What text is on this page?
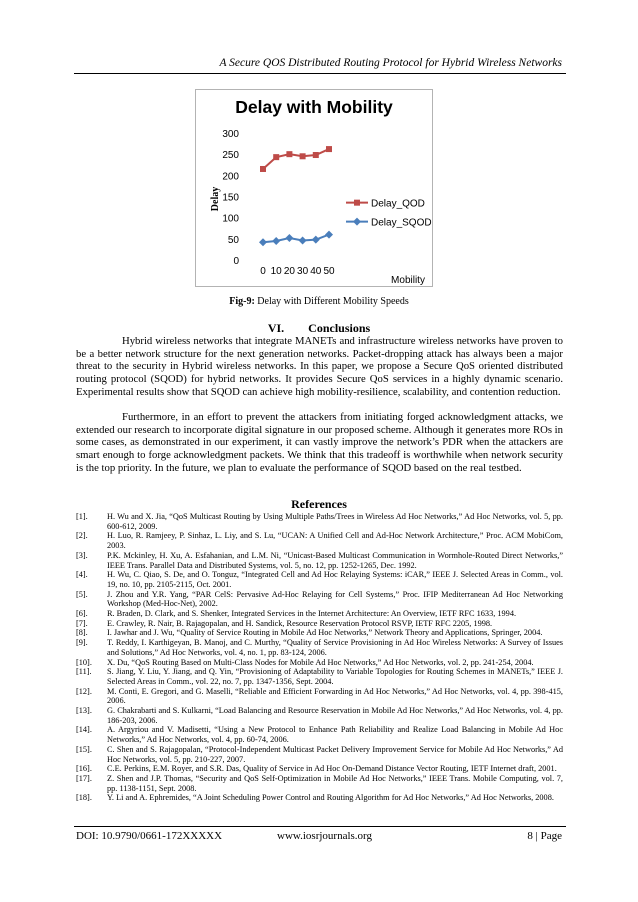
A Secure QOS Distributed Routing Protocol for Hybrid Wireless Networks
Delay with Mobility
Delay
Mobility
0
50
100
150
200
250
300
0 10 20 30 40 50
Delay_QOD
Delay_SQOD
Fig-9: Delay with Different Mobility Speeds
VI.        Conclusions
Hybrid wireless networks that integrate MANETs and infrastructure wireless networks have proven to be a better network structure for the next generation networks. Packet-dropping attack has always been a major threat to the security in Hybrid wireless networks. In this paper, we propose a Secure QoS oriented distributed routing protocol (SQOD) for hybrid networks. It provides Secure QoS services in a highly dynamic scenario. Experimental results show that SQOD can achieve high mobility-resilience, scalability, and contention reduction.
Furthermore, in an effort to prevent the attackers from initiating forged acknowledgment attacks, we extended our research to incorporate digital signature in our proposed scheme. Although it generates more ROs in some cases, as demonstrated in our experiment, it can vastly improve the network’s PDR when the attackers are smart enough to forge acknowledgment packets. We think that this tradeoff is worthwhile when network security is the top priority. In the future, we plan to evaluate the performance of SQOD based on the real testbed.
References
[1].	H. Wu and X. Jia, “QoS Multicast Routing by Using Multiple Paths/Trees in Wireless Ad Hoc Networks,” Ad Hoc Networks, vol. 5, pp. 600-612, 2009.
[2].	H. Luo, R. Ramjeey, P. Sinhaz, L. Liy, and S. Lu, “UCAN: A Unified Cell and Ad-Hoc Network Architecture,” Proc. ACM MobiCom, 2003.
[3].	P.K. Mckinley, H. Xu, A. Esfahanian, and L.M. Ni, “Unicast-Based Multicast Communication in Wormhole-Routed Direct Networks,” IEEE Trans. Parallel Data and Distributed Systems, vol. 5, no. 12, pp. 1252-1265, Dec. 1992.
[4].	H. Wu, C. Qiao, S. De, and O. Tonguz, “Integrated Cell and Ad Hoc Relaying Systems: iCAR,” IEEE J. Selected Areas in Comm., vol. 19, no. 10, pp. 2105-2115, Oct. 2001.
[5].	J. Zhou and Y.R. Yang, “PAR CelS: Pervasive Ad-Hoc Relaying for Cell Systems,” Proc. IFIP Mediterranean Ad Hoc Networking Workshop (Med-Hoc-Net), 2002.
[6].	R. Braden, D. Clark, and S. Shenker, Integrated Services in the Internet Architecture: An Overview, IETF RFC 1633, 1994.
[7].	E. Crawley, R. Nair, B. Rajagopalan, and H. Sandick, Resource Reservation Protocol RSVP, IETF RFC 2205, 1998.
[8].	I. Jawhar and J. Wu, “Quality of Service Routing in Mobile Ad Hoc Networks,” Network Theory and Applications, Springer, 2004.
[9].	T. Reddy, I. Karthigeyan, B. Manoj, and C. Murthy, “Quality of Service Provisioning in Ad Hoc Wireless Networks: A Survey of Issues and Solutions,” Ad Hoc Networks, vol. 4, no. 1, pp. 83-124, 2006.
[10].	X. Du, “QoS Routing Based on Multi-Class Nodes for Mobile Ad Hoc Networks,” Ad Hoc Networks, vol. 2, pp. 241-254, 2004.
[11].	S. Jiang, Y. Liu, Y. Jiang, and Q. Yin, “Provisioning of Adaptability to Variable Topologies for Routing Schemes in MANETs,” IEEE J. Selected Areas in Comm., vol. 22, no. 7, pp. 1347-1356, Sept. 2004.
[12].	M. Conti, E. Gregori, and G. Maselli, “Reliable and Efficient Forwarding in Ad Hoc Networks,” Ad Hoc Networks, vol. 4, pp. 398-415, 2006.
[13].	G. Chakrabarti and S. Kulkarni, “Load Balancing and Resource Reservation in Mobile Ad Hoc Networks,” Ad Hoc Networks, vol. 4, pp. 186-203, 2006.
[14].	A. Argyriou and V. Madisetti, “Using a New Protocol to Enhance Path Reliability and Realize Load Balancing in Mobile Ad Hoc Networks,” Ad Hoc Networks, vol. 4, pp. 60-74, 2006.
[15].	C. Shen and S. Rajagopalan, “Protocol-Independent Multicast Packet Delivery Improvement Service for Mobile Ad Hoc Networks,” Ad Hoc Networks, vol. 5, pp. 210-227, 2007.
[16].	C.E. Perkins, E.M. Royer, and S.R. Das, Quality of Service in Ad Hoc On-Demand Distance Vector Routing, IETF Internet draft, 2001.
[17].	Z. Shen and J.P. Thomas, “Security and QoS Self-Optimization in Mobile Ad Hoc Networks,” IEEE Trans. Mobile Computing, vol. 7, pp. 1138-1151, Sept. 2008.
[18].	Y. Li and A. Ephremides, “A Joint Scheduling Power Control and Routing Algorithm for Ad Hoc Networks,” Ad Hoc Networks, 2008.
DOI: 10.9790/0661-172XXXXX	www.iosrjournals.org	8 | Page
